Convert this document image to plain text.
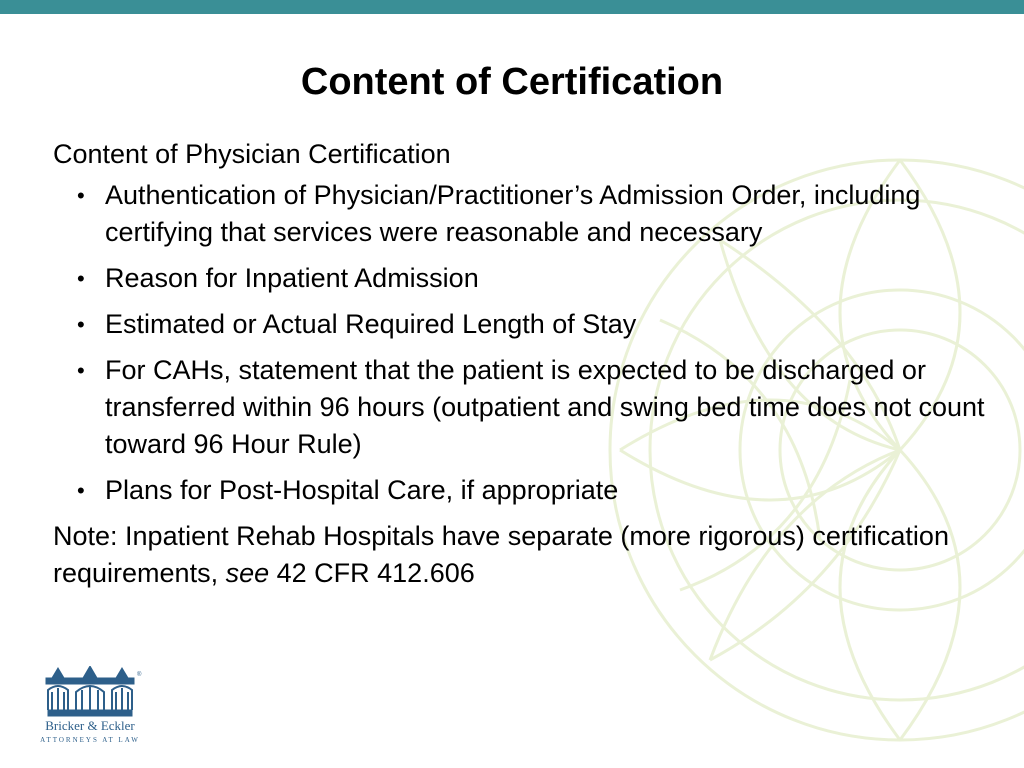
Content of Certification

Content of Physician Certification

• Authentication of Physician/Practitioner’s Admission Order, including certifying that services were reasonable and necessary
• Reason for Inpatient Admission
• Estimated or Actual Required Length of Stay
• For CAHs, statement that the patient is expected to be discharged or transferred within 96 hours (outpatient and swing bed time does not count toward 96 Hour Rule)
• Plans for Post-Hospital Care, if appropriate

Note: Inpatient Rehab Hospitals have separate (more rigorous) certification requirements, see 42 CFR 412.606

®
Bricker & Eckler
ATTORNEYS AT LAW
